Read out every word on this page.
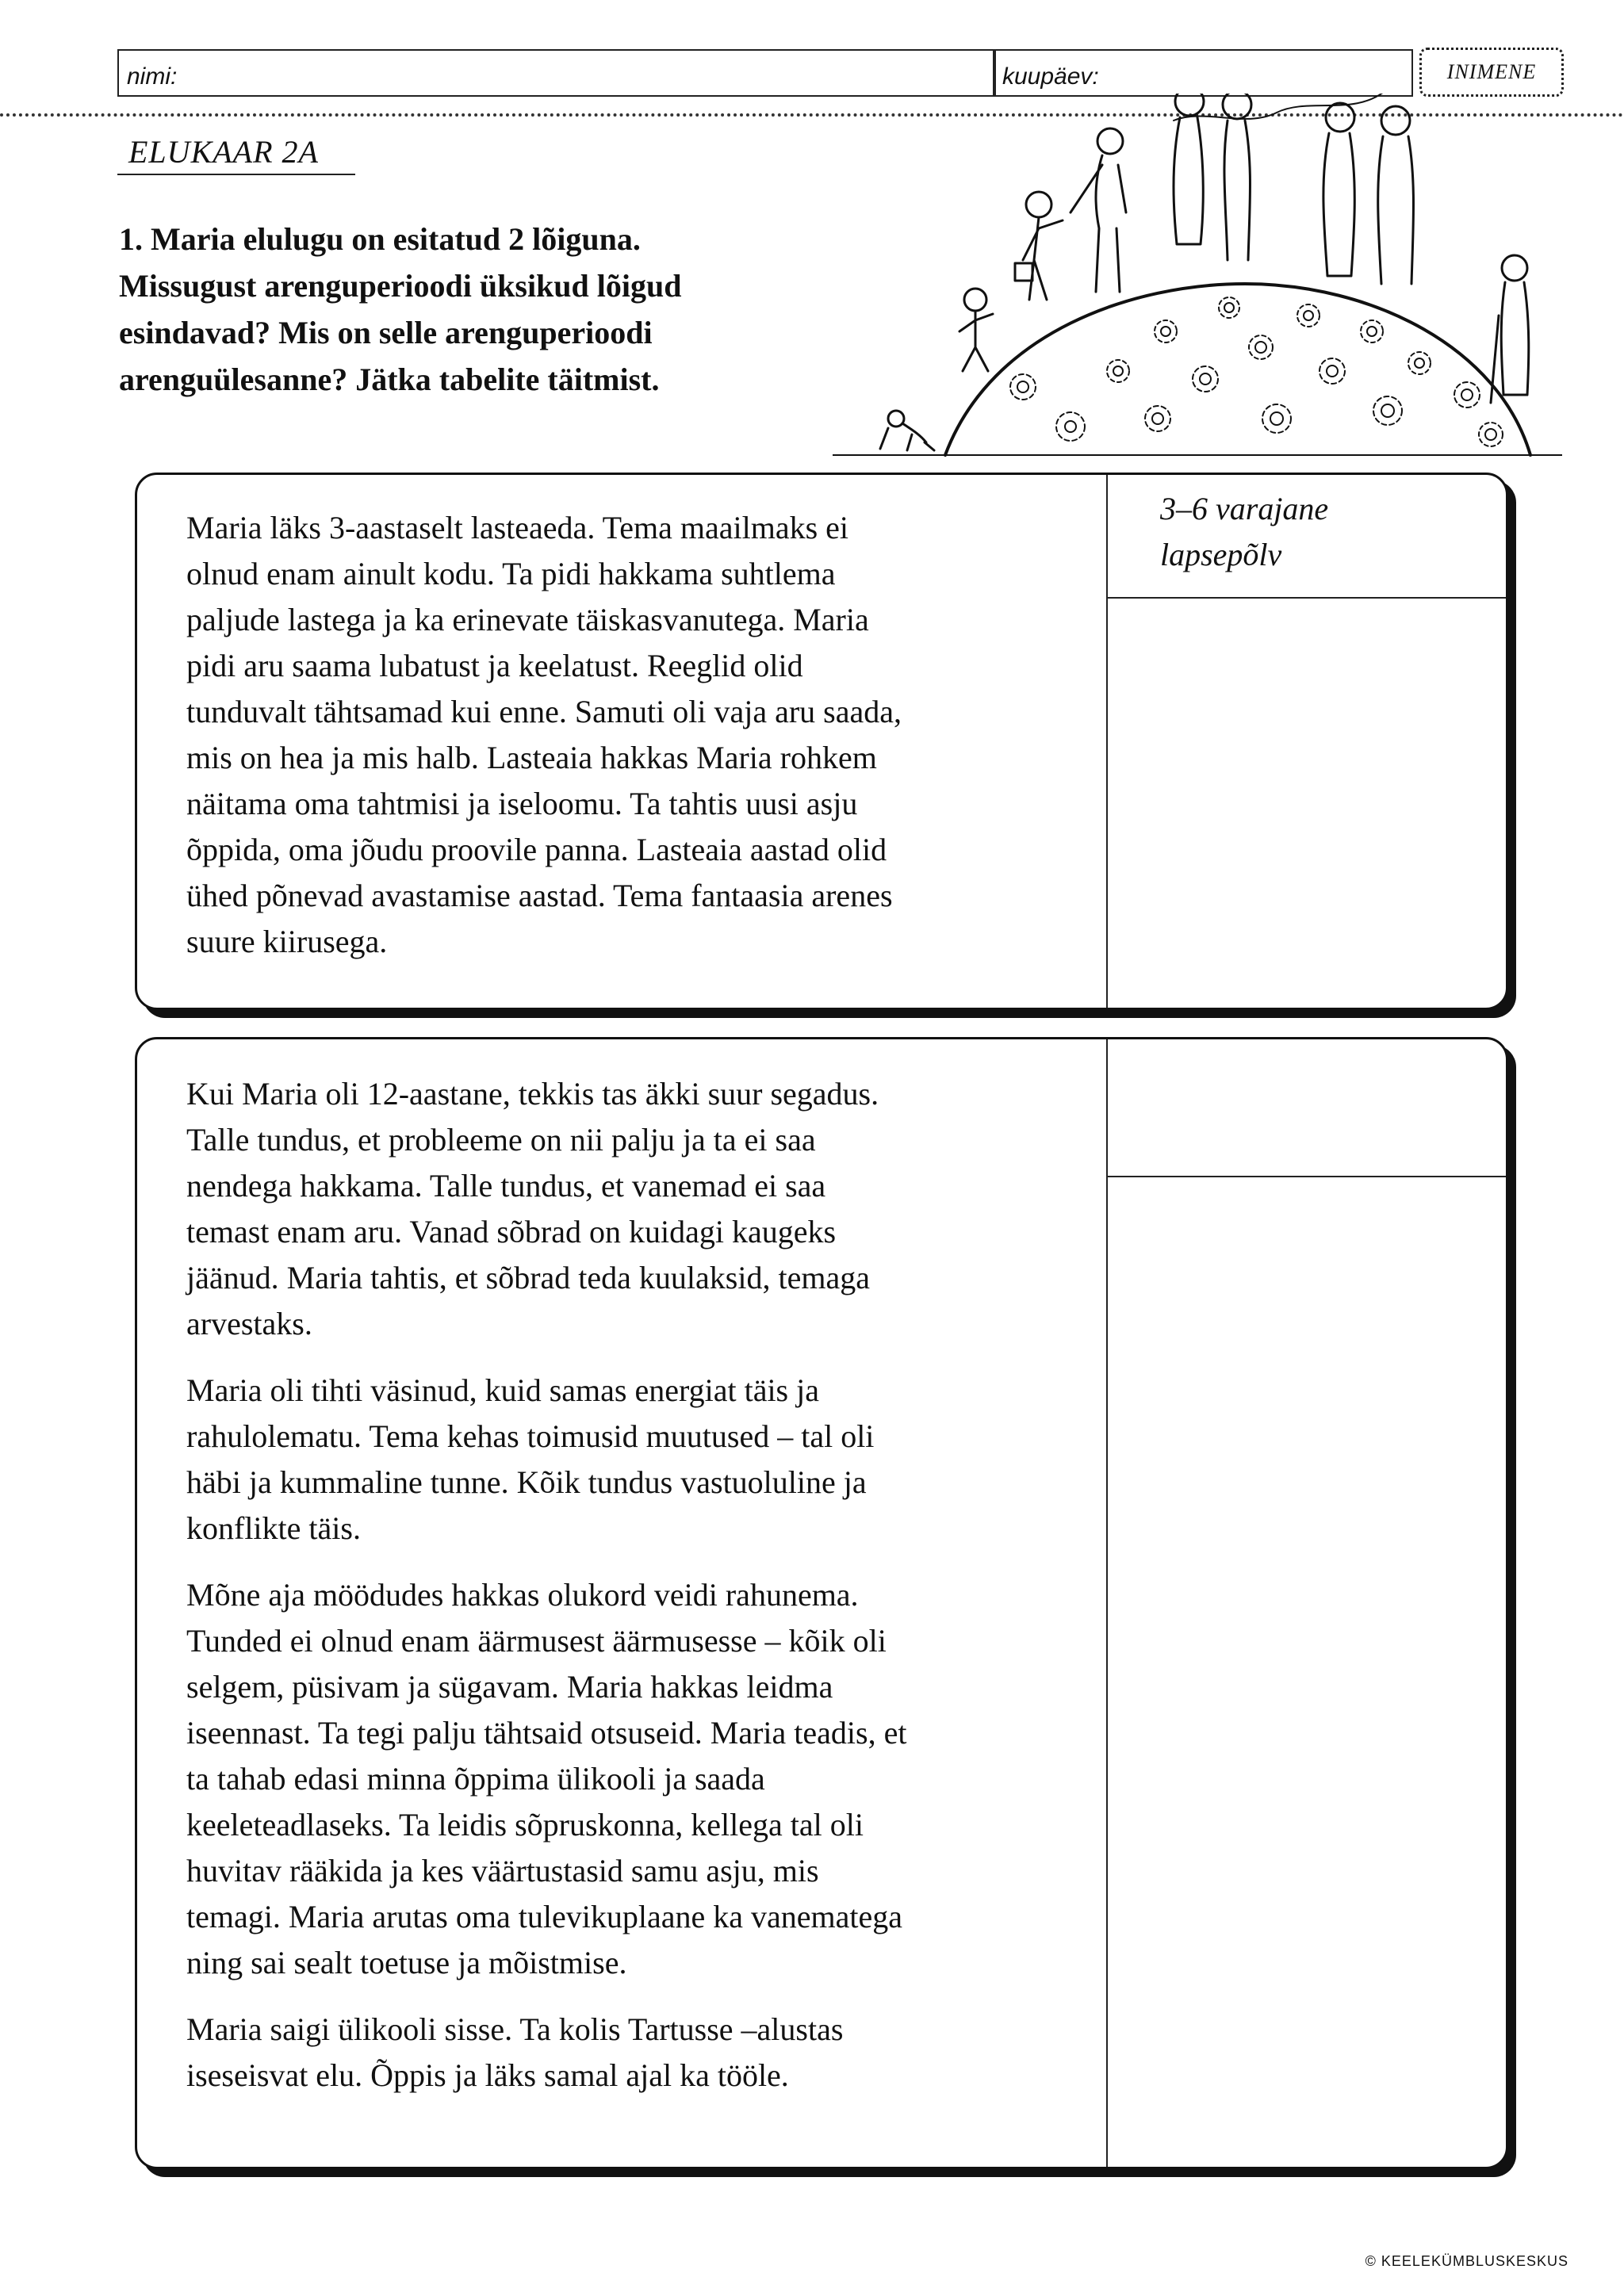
nimi:	kuupäev:	INIMENE
ELUKAAR 2A
1. Maria elulugu on esitatud 2 lõiguna.
Missugust arenguperioodi üksikud lõigud
esindavad? Mis on selle arenguperioodi
arenguülesanne? Jätka tabelite täitmist.

Maria läks 3-aastaselt lasteaeda. Tema maailmaks ei
olnud enam ainult kodu. Ta pidi hakkama suhtlema
paljude lastega ja ka erinevate täiskasvanutega. Maria
pidi aru saama lubatust ja keelatust. Reeglid olid
tunduvalt tähtsamad kui enne. Samuti oli vaja aru saada,
mis on hea ja mis halb. Lasteaia hakkas Maria rohkem
näitama oma tahtmisi ja iseloomu. Ta tahtis uusi asju
õppida, oma jõudu proovile panna. Lasteaia aastad olid
ühed põnevad avastamise aastad. Tema fantaasia arenes
suure kiirusega.

3–6 varajane
lapsepõlv

Kui Maria oli 12-aastane, tekkis tas äkki suur segadus.
Talle tundus, et probleeme on nii palju ja ta ei saa
nendega hakkama. Talle tundus, et vanemad ei saa
temast enam aru. Vanad sõbrad on kuidagi kaugeks
jäänud. Maria tahtis, et sõbrad teda kuulaksid, temaga
arvestaks.

Maria oli tihti väsinud, kuid samas energiat täis ja
rahulolematu. Tema kehas toimusid muutused – tal oli
häbi ja kummaline tunne. Kõik tundus vastuoluline ja
konflikte täis.

Mõne aja möödudes hakkas olukord veidi rahunema.
Tunded ei olnud enam äärmusest äärmusesse – kõik oli
selgem, püsivam ja sügavam. Maria hakkas leidma
iseennast. Ta tegi palju tähtsaid otsuseid. Maria teadis, et
ta tahab edasi minna õppima ülikooli ja saada
keeleteadlaseks. Ta leidis sõpruskonna, kellega tal oli
huvitav rääkida ja kes väärtustasid samu asju, mis
temagi. Maria arutas oma tulevikuplaane ka vanematega
ning sai sealt toetuse ja mõistmise.

Maria saigi ülikooli sisse. Ta kolis Tartusse –alustas
iseseisvat elu. Õppis ja läks samal ajal ka tööle.

© KEELEKÜMBLUSKESKUS
